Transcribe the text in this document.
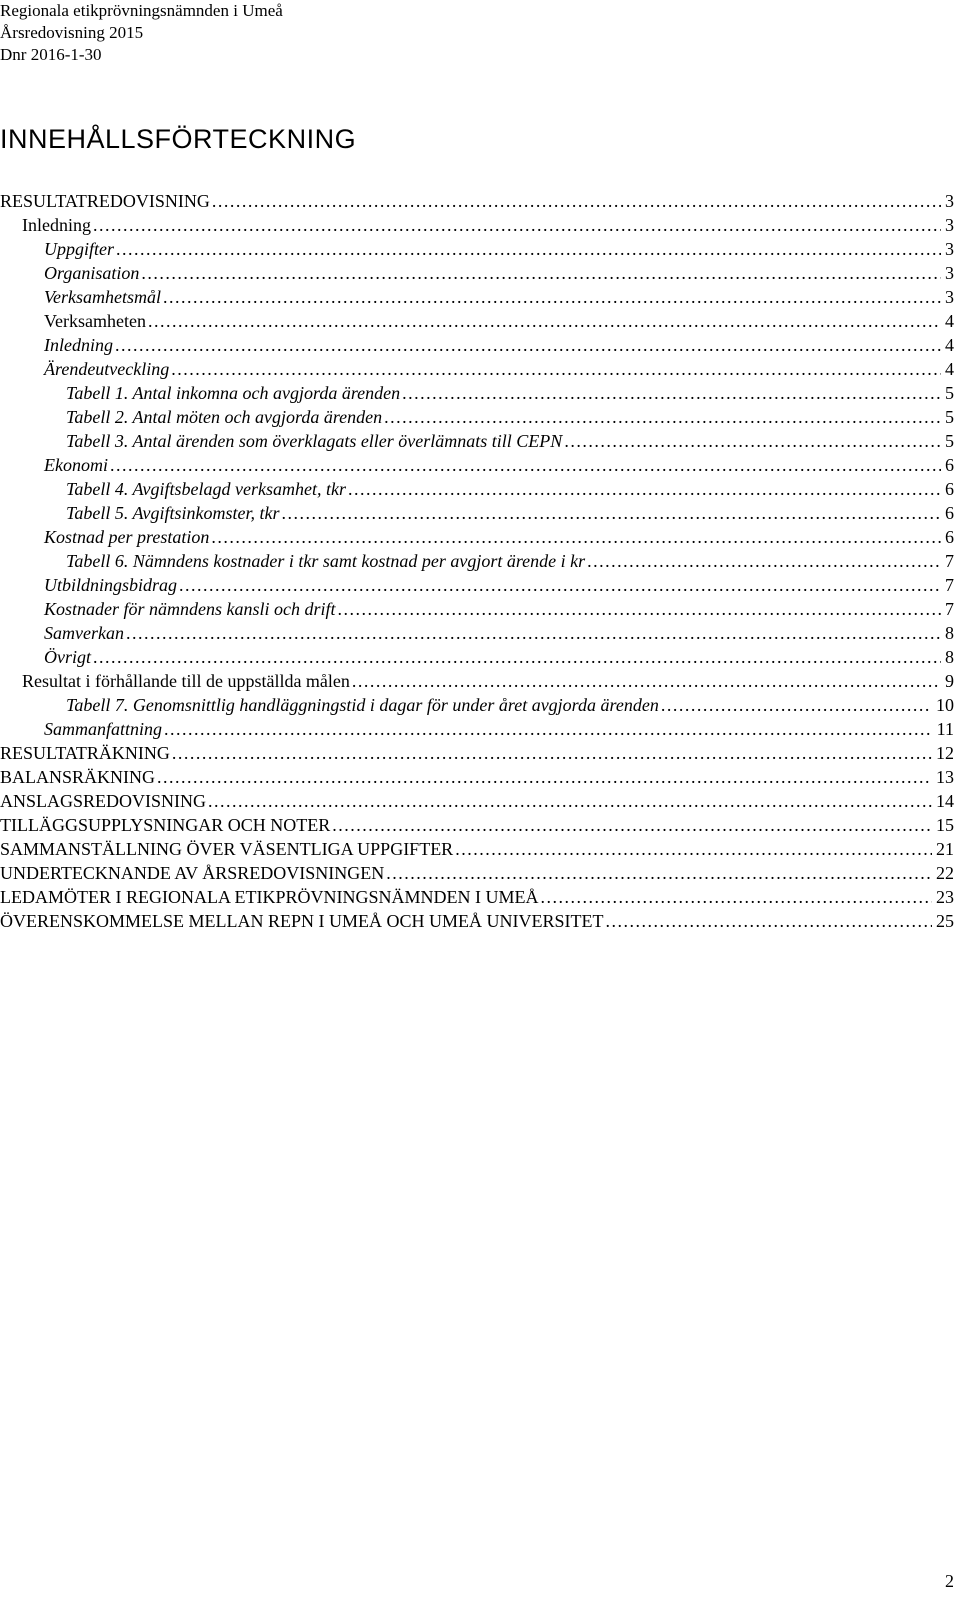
Regionala etikprövningsnämnden i Umeå
Årsredovisning 2015
Dnr 2016-1-30
INNEHÅLLSFÖRTECKNING
RESULTATREDOVISNING . . .	3
Inledning . . .	3
Uppgifter . . .	3
Organisation . . .	3
Verksamhetsmål . . .	3
Verksamheten . . .	4
Inledning . . .	4
Ärendeutveckling . . .	4
Tabell 1. Antal inkomna och avgjorda ärenden . . .	5
Tabell 2. Antal möten och avgjorda ärenden . . .	5
Tabell 3. Antal ärenden som överklagats eller överlämnats till CEPN . . .	5
Ekonomi . . .	6
Tabell 4. Avgiftsbelagd verksamhet, tkr . . .	6
Tabell 5. Avgiftsinkomster, tkr . . .	6
Kostnad per prestation . . .	6
Tabell 6. Nämndens kostnader i tkr samt kostnad per avgjort ärende i kr . . .	7
Utbildningsbidrag . . .	7
Kostnader för nämndens kansli och drift . . .	7
Samverkan . . .	8
Övrigt . . .	8
Resultat i förhållande till de uppställda målen . . .	9
Tabell 7. Genomsnittlig handläggningstid i dagar för under året avgjorda ärenden . . .	10
Sammanfattning . . .	11
RESULTATRÄKNING . . .	12
BALANSRÄKNING . . .	13
ANSLAGSREDOVISNING . . .	14
TILLÄGGSUPPLYSNINGAR OCH NOTER . . .	15
SAMMANSTÄLLNING ÖVER VÄSENTLIGA UPPGIFTER . . .	21
UNDERTECKNANDE AV ÅRSREDOVISNINGEN . . .	22
LEDAMÖTER I REGIONALA ETIKPRÖVNINGSNÄMNDEN I UMEÅ . . .	23
ÖVERENSKOMMELSE MELLAN REPN I UMEÅ OCH UMEÅ UNIVERSITET . . .	25
2
